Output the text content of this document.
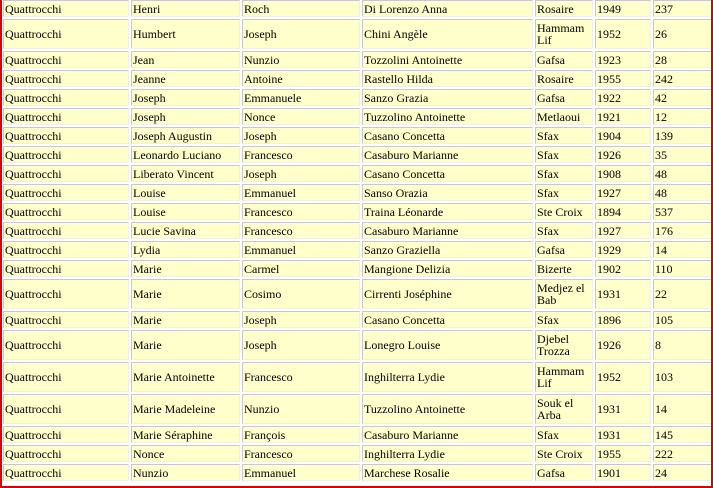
Quattrocchi	Henri	Roch	Di Lorenzo Anna	Rosaire	1949	237
Quattrocchi	Humbert	Joseph	Chini Angèle	Hammam Lif	1952	26
Quattrocchi	Jean	Nunzio	Tozzolini Antoinette	Gafsa	1923	28
Quattrocchi	Jeanne	Antoine	Rastello Hilda	Rosaire	1955	242
Quattrocchi	Joseph	Emmanuele	Sanzo Grazia	Gafsa	1922	42
Quattrocchi	Joseph	Nonce	Tuzzolino Antoinette	Metlaoui	1921	12
Quattrocchi	Joseph Augustin	Joseph	Casano Concetta	Sfax	1904	139
Quattrocchi	Leonardo Luciano	Francesco	Casaburo Marianne	Sfax	1926	35
Quattrocchi	Liberato Vincent	Joseph	Casano Concetta	Sfax	1908	48
Quattrocchi	Louise	Emmanuel	Sanso Orazia	Sfax	1927	48
Quattrocchi	Louise	Francesco	Traina Léonarde	Ste Croix	1894	537
Quattrocchi	Lucie Savina	Francesco	Casaburo Marianne	Sfax	1927	176
Quattrocchi	Lydia	Emmanuel	Sanzo Graziella	Gafsa	1929	14
Quattrocchi	Marie	Carmel	Mangione Delizia	Bizerte	1902	110
Quattrocchi	Marie	Cosimo	Cirrenti Joséphine	Medjez el Bab	1931	22
Quattrocchi	Marie	Joseph	Casano Concetta	Sfax	1896	105
Quattrocchi	Marie	Joseph	Lonegro Louise	Djebel Trozza	1926	8
Quattrocchi	Marie Antoinette	Francesco	Inghilterra Lydie	Hammam Lif	1952	103
Quattrocchi	Marie Madeleine	Nunzio	Tuzzolino Antoinette	Souk el Arba	1931	14
Quattrocchi	Marie Séraphine	François	Casaburo Marianne	Sfax	1931	145
Quattrocchi	Nonce	Francesco	Inghilterra Lydie	Ste Croix	1955	222
Quattrocchi	Nunzio	Emmanuel	Marchese Rosalie	Gafsa	1901	24
